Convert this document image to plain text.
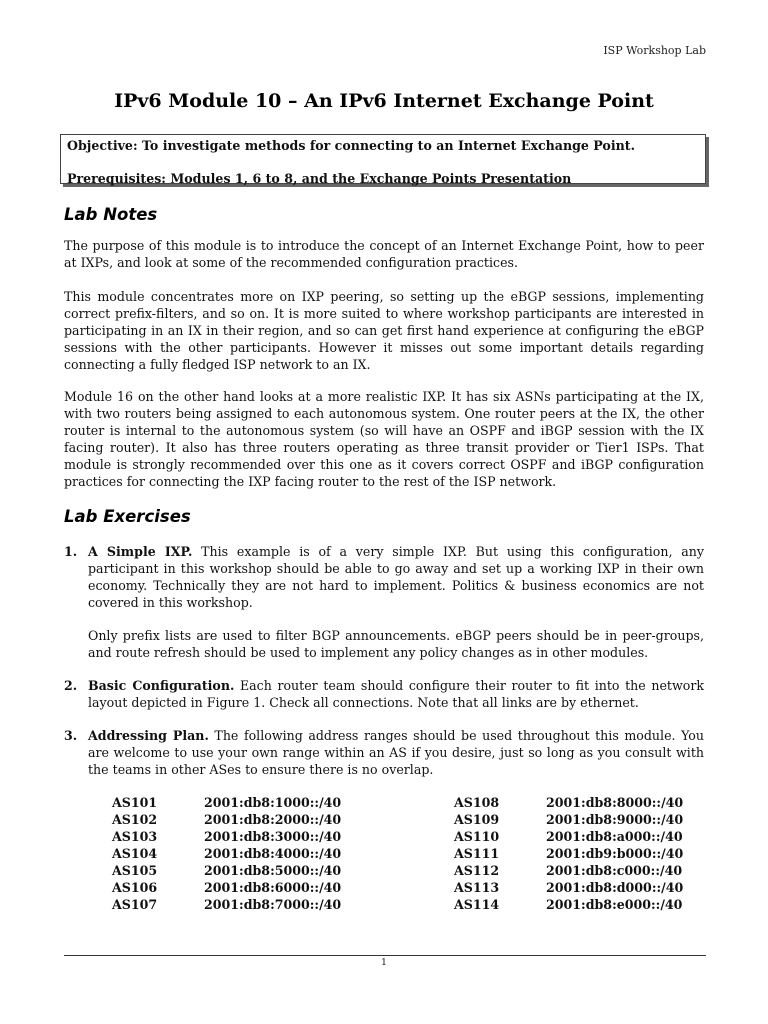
ISP Workshop Lab
IPv6 Module 10 – An IPv6 Internet Exchange Point
Objective: To investigate methods for connecting to an Internet Exchange Point.
Prerequisites: Modules 1, 6 to 8, and the Exchange Points Presentation
Lab Notes

The purpose of this module is to introduce the concept of an Internet Exchange Point, how to peer at IXPs, and look at some of the recommended configuration practices.

This module concentrates more on IXP peering, so setting up the eBGP sessions, implementing correct prefix-filters, and so on. It is more suited to where workshop participants are interested in participating in an IX in their region, and so can get first hand experience at configuring the eBGP sessions with the other participants. However it misses out some important details regarding connecting a fully fledged ISP network to an IX.

Module 16 on the other hand looks at a more realistic IXP. It has six ASNs participating at the IX, with two routers being assigned to each autonomous system. One router peers at the IX, the other router is internal to the autonomous system (so will have an OSPF and iBGP session with the IX facing router). It also has three routers operating as three transit provider or Tier1 ISPs. That module is strongly recommended over this one as it covers correct OSPF and iBGP configuration practices for connecting the IXP facing router to the rest of the ISP network.

Lab Exercises
1. A Simple IXP. This example is of a very simple IXP. But using this configuration, any participant in this workshop should be able to go away and set up a working IXP in their own economy. Technically they are not hard to implement. Politics & business economics are not covered in this workshop.
Only prefix lists are used to filter BGP announcements. eBGP peers should be in peer-groups, and route refresh should be used to implement any policy changes as in other modules.
2. Basic Configuration. Each router team should configure their router to fit into the network layout depicted in Figure 1. Check all connections. Note that all links are by ethernet.
3. Addressing Plan. The following address ranges should be used throughout this module. You are welcome to use your own range within an AS if you desire, just so long as you consult with the teams in other ASes to ensure there is no overlap.
AS101	2001:db8:1000::/40	AS108	2001:db8:8000::/40
AS102	2001:db8:2000::/40	AS109	2001:db8:9000::/40
AS103	2001:db8:3000::/40	AS110	2001:db8:a000::/40
AS104	2001:db8:4000::/40	AS111	2001:db9:b000::/40
AS105	2001:db8:5000::/40	AS112	2001:db8:c000::/40
AS106	2001:db8:6000::/40	AS113	2001:db8:d000::/40
AS107	2001:db8:7000::/40	AS114	2001:db8:e000::/40
1
